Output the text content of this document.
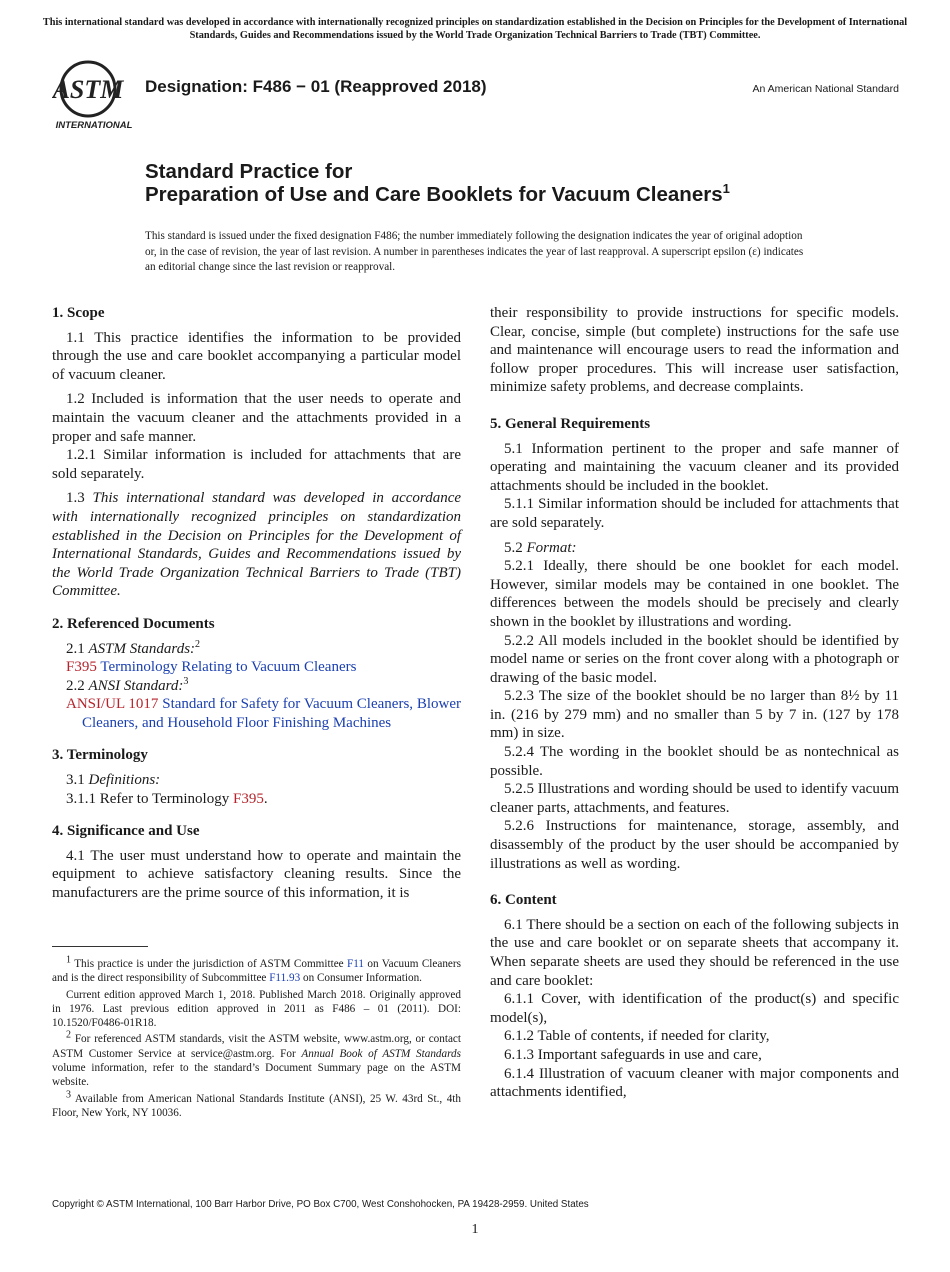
This international standard was developed in accordance with internationally recognized principles on standardization established in the Decision on Principles for the Development of International Standards, Guides and Recommendations issued by the World Trade Organization Technical Barriers to Trade (TBT) Committee.
ASTM
INTERNATIONAL
Designation: F486 − 01 (Reapproved 2018)	An American National Standard
Standard Practice for
Preparation of Use and Care Booklets for Vacuum Cleaners$^1$
This standard is issued under the fixed designation F486; the number immediately following the designation indicates the year of original adoption or, in the case of revision, the year of last revision. A number in parentheses indicates the year of last reapproval. A superscript epsilon (ε) indicates an editorial change since the last revision or reapproval.
1. Scope

1.1 This practice identifies the information to be provided through the use and care booklet accompanying a particular model of vacuum cleaner.

1.2 Included is information that the user needs to operate and maintain the vacuum cleaner and the attachments provided in a proper and safe manner.

1.2.1 Similar information is included for attachments that are sold separately.

1.3 This international standard was developed in accordance with internationally recognized principles on standardization established in the Decision on Principles for the Development of International Standards, Guides and Recommendations issued by the World Trade Organization Technical Barriers to Trade (TBT) Committee.

2. Referenced Documents

2.1 ASTM Standards:$^2$

F395 Terminology Relating to Vacuum Cleaners

2.2 ANSI Standard:$^3$

ANSI/UL 1017 Standard for Safety for Vacuum Cleaners, Blower Cleaners, and Household Floor Finishing Machines

3. Terminology

3.1 Definitions:

3.1.1 Refer to Terminology F395.

4. Significance and Use

4.1 The user must understand how to operate and maintain the equipment to achieve satisfactory cleaning results. Since the manufacturers are the prime source of this information, it is

$^1$ This practice is under the jurisdiction of ASTM Committee F11 on Vacuum Cleaners and is the direct responsibility of Subcommittee F11.93 on Consumer Information.

Current edition approved March 1, 2018. Published March 2018. Originally approved in 1976. Last previous edition approved in 2011 as F486 – 01 (2011). DOI: 10.1520/F0486-01R18.

$^2$ For referenced ASTM standards, visit the ASTM website, www.astm.org, or contact ASTM Customer Service at service@astm.org. For Annual Book of ASTM Standards volume information, refer to the standard’s Document Summary page on the ASTM website.

$^3$ Available from American National Standards Institute (ANSI), 25 W. 43rd St., 4th Floor, New York, NY 10036.

their responsibility to provide instructions for specific models. Clear, concise, simple (but complete) instructions for the safe use and maintenance will encourage users to read the information and follow proper procedures. This will increase user satisfaction, minimize safety problems, and decrease complaints.

5. General Requirements

5.1 Information pertinent to the proper and safe manner of operating and maintaining the vacuum cleaner and its provided attachments should be included in the booklet.

5.1.1 Similar information should be included for attachments that are sold separately.

5.2 Format:

5.2.1 Ideally, there should be one booklet for each model. However, similar models may be contained in one booklet. The differences between the models should be precisely and clearly shown in the booklet by illustrations and wording.

5.2.2 All models included in the booklet should be identified by model name or series on the front cover along with a photograph or drawing of the basic model.

5.2.3 The size of the booklet should be no larger than 8½ by 11 in. (216 by 279 mm) and no smaller than 5 by 7 in. (127 by 178 mm) in size.

5.2.4 The wording in the booklet should be as nontechnical as possible.

5.2.5 Illustrations and wording should be used to identify vacuum cleaner parts, attachments, and features.

5.2.6 Instructions for maintenance, storage, assembly, and disassembly of the product by the user should be accompanied by illustrations as well as wording.

6. Content

6.1 There should be a section on each of the following subjects in the use and care booklet or on separate sheets that accompany it. When separate sheets are used they should be referenced in the use and care booklet:

6.1.1 Cover, with identification of the product(s) and specific model(s),

6.1.2 Table of contents, if needed for clarity,

6.1.3 Important safeguards in use and care,

6.1.4 Illustration of vacuum cleaner with major components and attachments identified,

Copyright © ASTM International, 100 Barr Harbor Drive, PO Box C700, West Conshohocken, PA 19428-2959. United States
1
